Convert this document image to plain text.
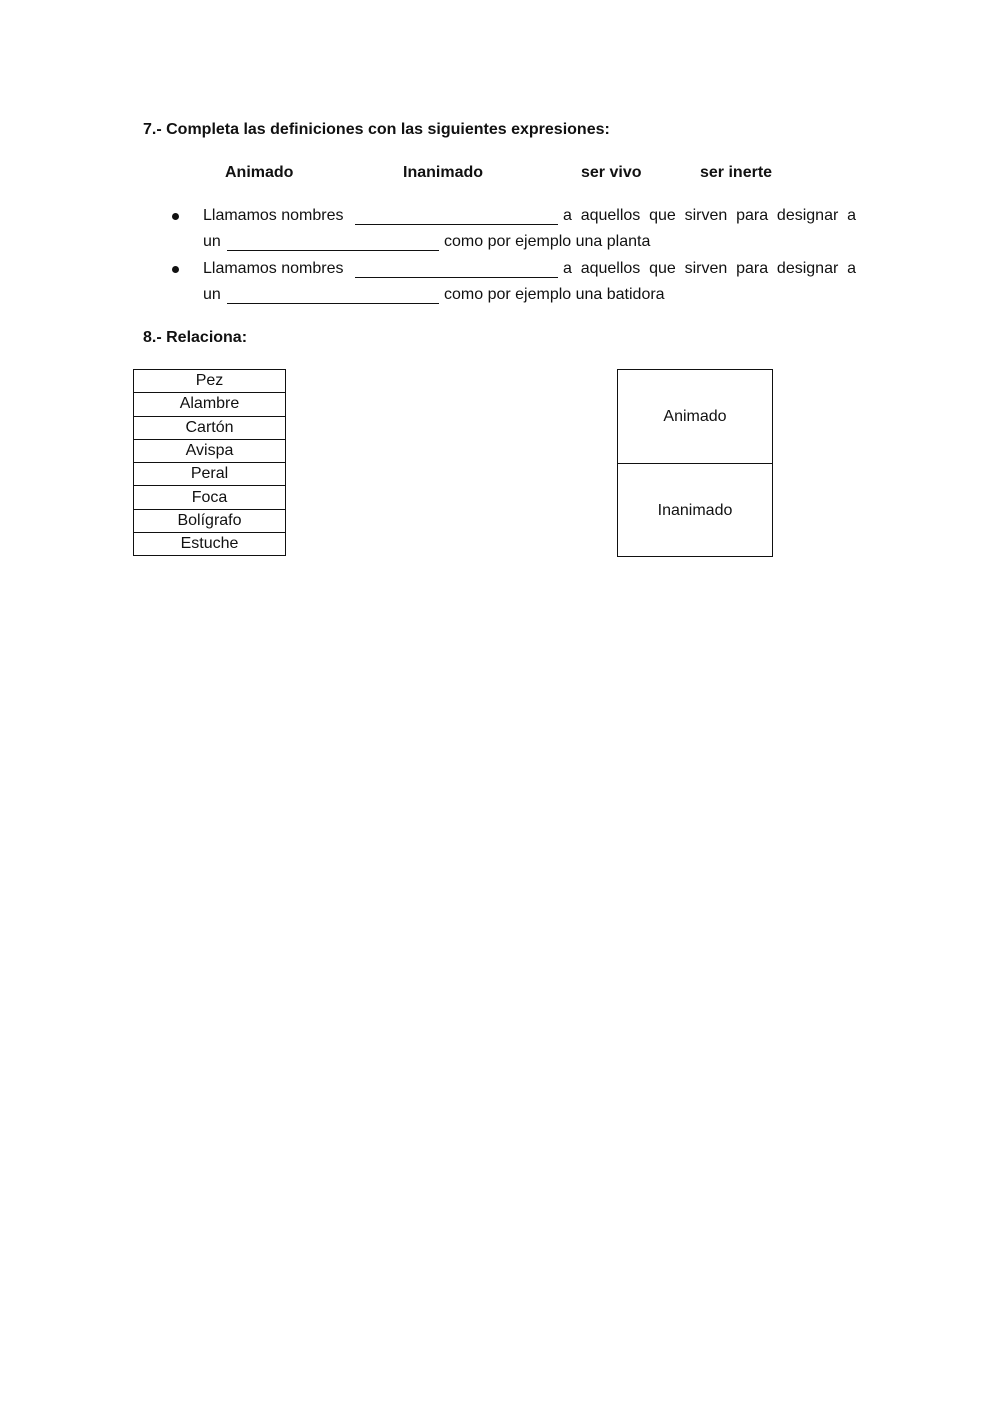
7.- Completa las definiciones con las siguientes expresiones:
Animado	Inanimado	ser vivo	ser inerte
Llamamos nombres	a aquellos que sirven para designar a
un	como por ejemplo una planta
Llamamos nombres	a aquellos que sirven para designar a
un	como por ejemplo una batidora
8.- Relaciona:
Pez
Alambre
Cartón
Avispa
Peral
Foca
Bolígrafo
Estuche
Animado
Inanimado
